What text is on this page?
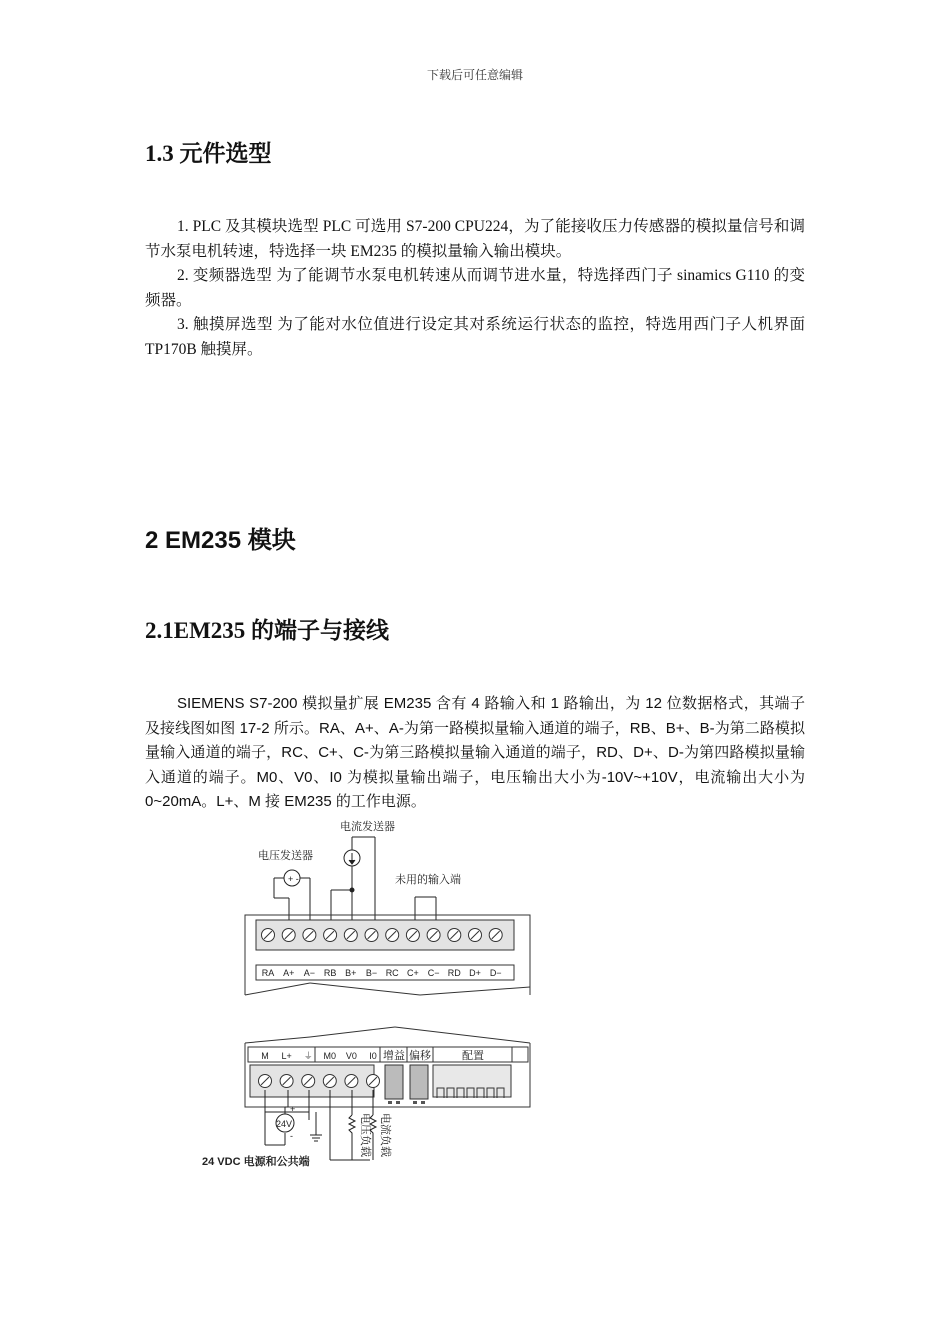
下载后可任意编辑
1.3 元件选型

1. PLC 及其模块选型 PLC 可选用 S7-200 CPU224，为了能接收压力传感器的模拟量信号和调节水泵电机转速，特选择一块 EM235 的模拟量输入输出模块。

2. 变频器选型 为了能调节水泵电机转速从而调节进水量，特选择西门子 sinamics G110 的变频器。

3. 触摸屏选型 为了能对水位值进行设定其对系统运行状态的监控，特选用西门子人机界面 TP170B 触摸屏。

2 EM235 模块
2.1EM235 的端子与接线

SIEMENS S7-200 模拟量扩展 EM235 含有 4 路输入和 1 路输出，为 12 位数据格式，其端子及接线图如图 17-2 所示。RA、A+、A-为第一路模拟量输入通道的端子，RB、B+、B-为第二路模拟量输入通道的端子，RC、C+、C-为第三路模拟量输入通道的端子，RD、D+、D-为第四路模拟量输入通道的端子。M0、V0、I0 为模拟量输出端子，电压输出大小为-10V~+10V，电流输出大小为 0~20mA。L+、M 接 EM235 的工作电源。

电流发送器
电压发送器
未用的输入端
+ -
RA A+ A− RB B+ B− RC C+ C− RD D+ D−
M L+ ⏚ M0 V0 I0 增益 偏移	配置
24V
+
-	电压负载 电流负载
24 VDC 电源和公共端
